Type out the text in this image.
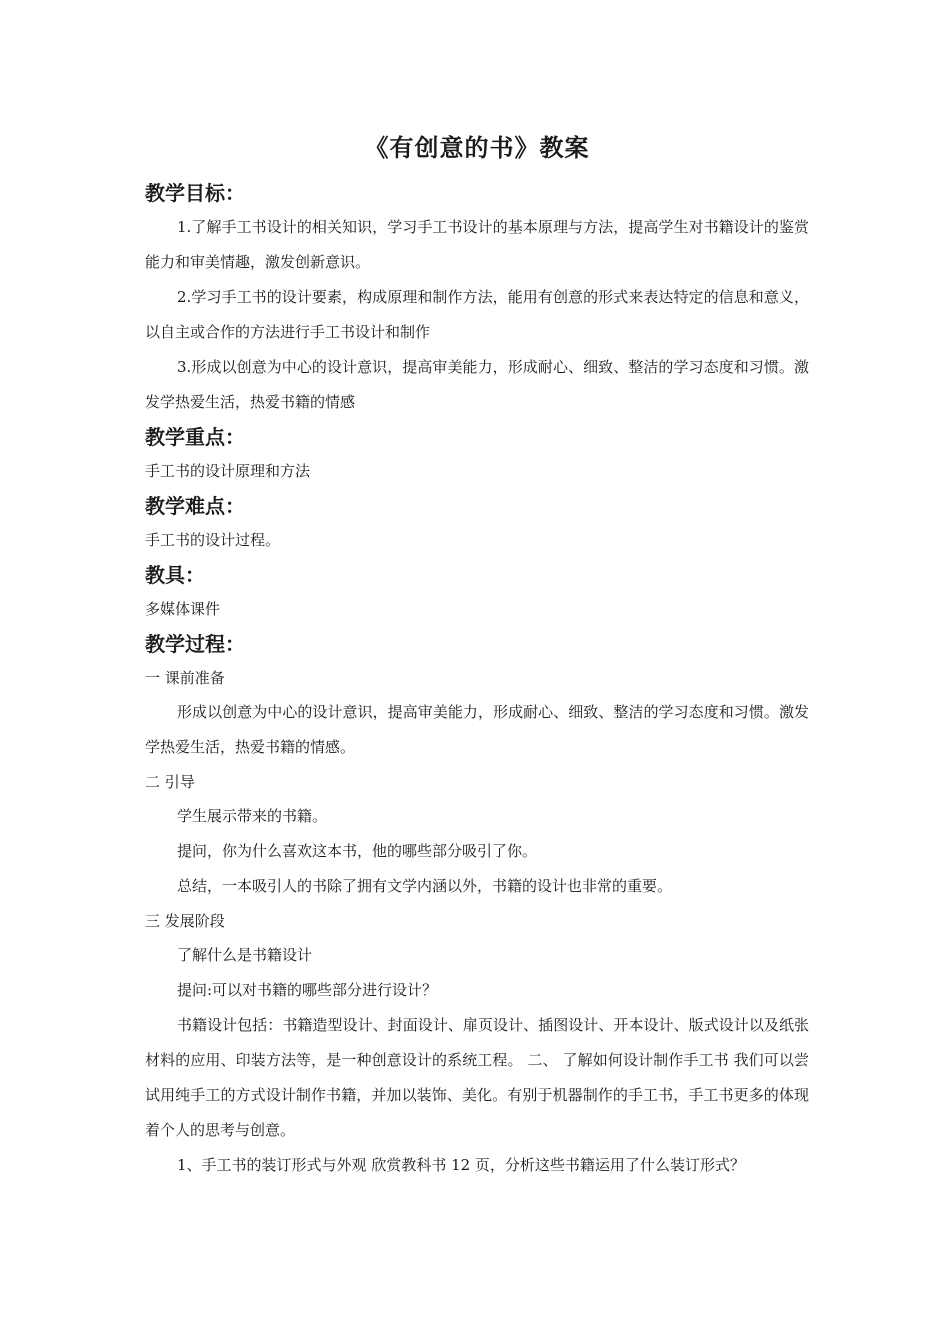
《有创意的书》教案
教学目标：

1.了解手工书设计的相关知识，学习手工书设计的基本原理与方法，提高学生对书籍设计的鉴赏能力和审美情趣，激发创新意识。

2.学习手工书的设计要素，构成原理和制作方法，能用有创意的形式来表达特定的信息和意义，以自主或合作的方法进行手工书设计和制作

3.形成以创意为中心的设计意识，提高审美能力，形成耐心、细致、整洁的学习态度和习惯。激发学热爱生活，热爱书籍的情感

教学重点：

手工书的设计原理和方法

教学难点：

手工书的设计过程。

教具：

多媒体课件

教学过程：

一 课前准备

形成以创意为中心的设计意识，提高审美能力，形成耐心、细致、整洁的学习态度和习惯。激发学热爱生活，热爱书籍的情感。

二 引导

学生展示带来的书籍。

提问，你为什么喜欢这本书，他的哪些部分吸引了你。

总结，一本吸引人的书除了拥有文学内涵以外，书籍的设计也非常的重要。

三 发展阶段

了解什么是书籍设计

提问:可以对书籍的哪些部分进行设计？

书籍设计包括：书籍造型设计、封面设计、扉页设计、插图设计、开本设计、版式设计以及纸张材料的应用、印装方法等，是一种创意设计的系统工程。 二、 了解如何设计制作手工书 我们可以尝试用纯手工的方式设计制作书籍，并加以装饰、美化。有别于机器制作的手工书，手工书更多的体现着个人的思考与创意。

1、手工书的装订形式与外观 欣赏教科书 12 页，分析这些书籍运用了什么装订形式？
